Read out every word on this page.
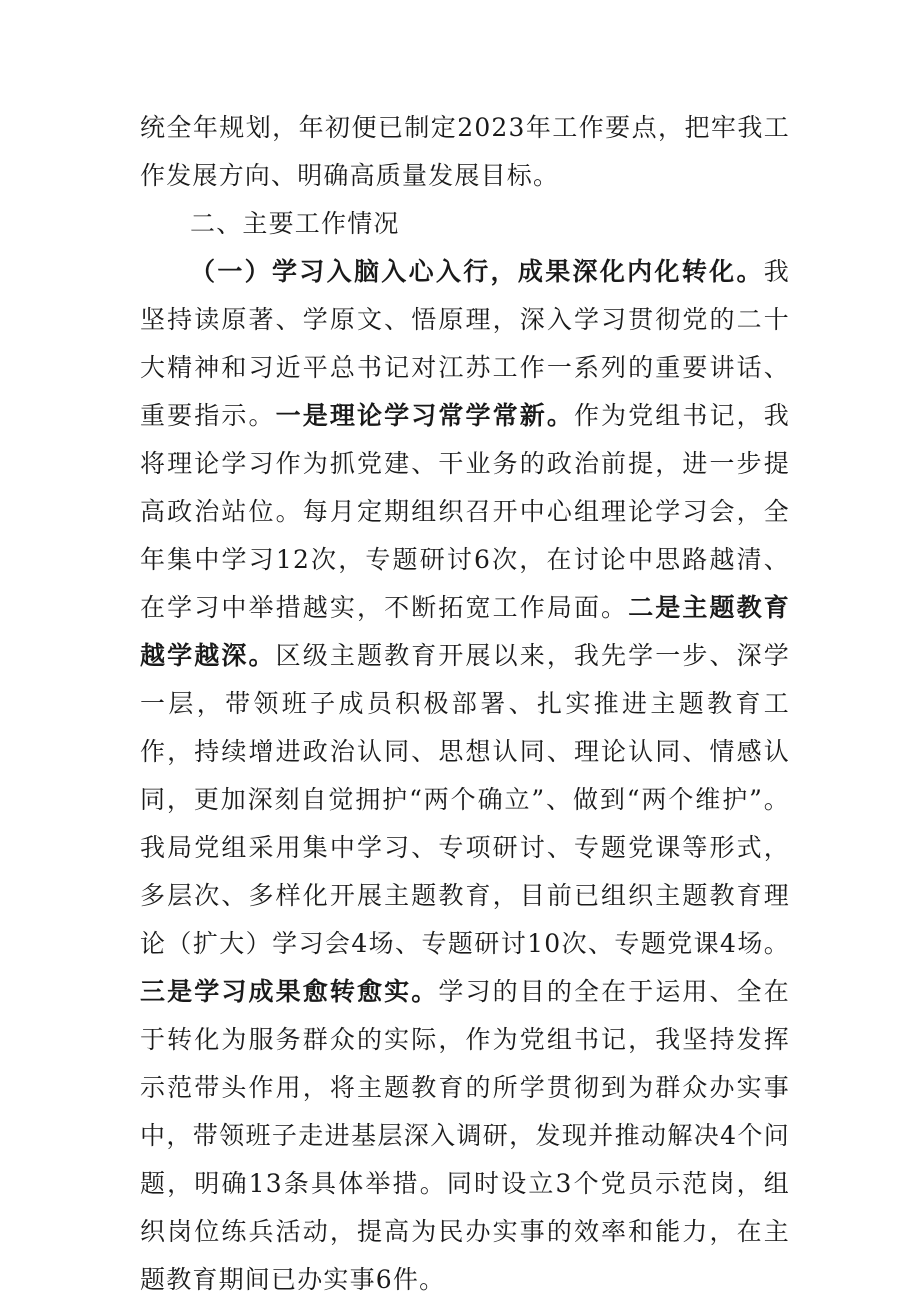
统全年规划，年初便已制定2023年工作要点，把牢我工作发展方向、明确高质量发展目标。

二、主要工作情况

（一）学习入脑入心入行，成果深化内化转化。我坚持读原著、学原文、悟原理，深入学习贯彻党的二十大精神和习近平总书记对江苏工作一系列的重要讲话、重要指示。一是理论学习常学常新。作为党组书记，我将理论学习作为抓党建、干业务的政治前提，进一步提高政治站位。每月定期组织召开中心组理论学习会，全年集中学习12次，专题研讨6次，在讨论中思路越清、在学习中举措越实，不断拓宽工作局面。二是主题教育越学越深。区级主题教育开展以来，我先学一步、深学一层，带领班子成员积极部署、扎实推进主题教育工作，持续增进政治认同、思想认同、理论认同、情感认同，更加深刻自觉拥护“两个确立”、做到“两个维护”。我局党组采用集中学习、专项研讨、专题党课等形式，多层次、多样化开展主题教育，目前已组织主题教育理论（扩大）学习会4场、专题研讨10次、专题党课4场。三是学习成果愈转愈实。学习的目的全在于运用、全在于转化为服务群众的实际，作为党组书记，我坚持发挥示范带头作用，将主题教育的所学贯彻到为群众办实事中，带领班子走进基层深入调研，发现并推动解决4个问题，明确13条具体举措。同时设立3个党员示范岗，组织岗位练兵活动，提高为民办实事的效率和能力，在主题教育期间已办实事6件。
